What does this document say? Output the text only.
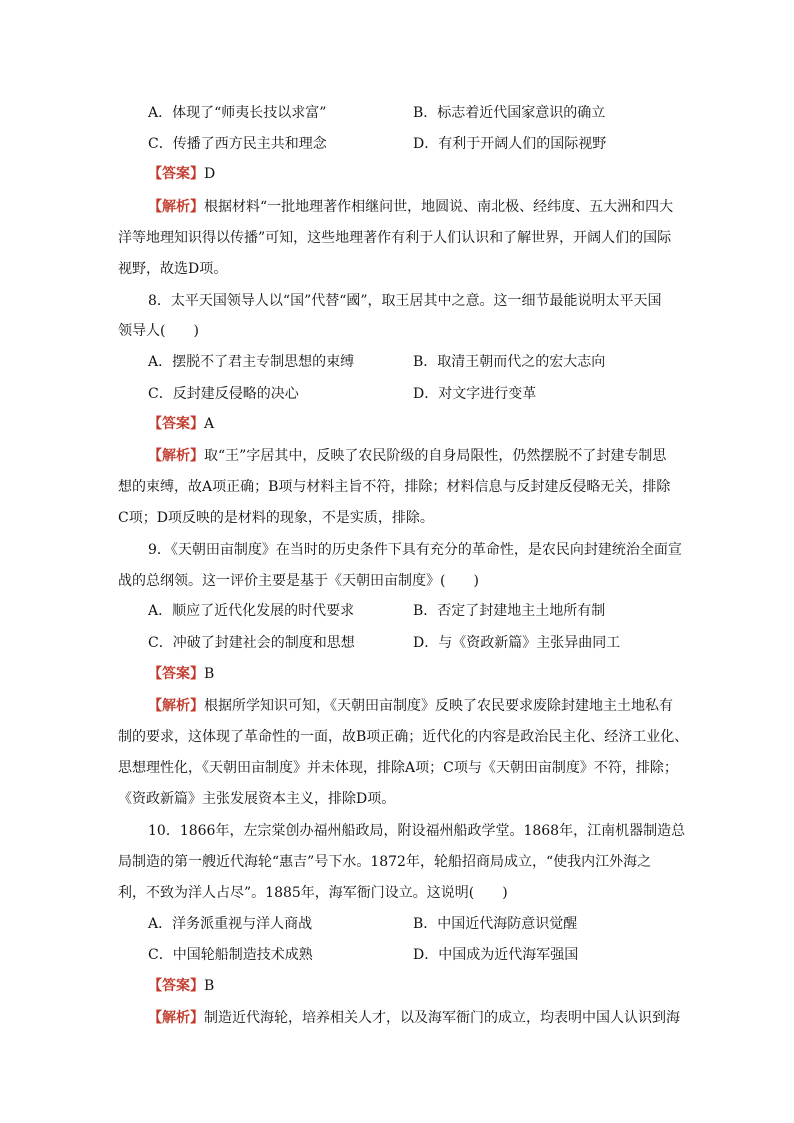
A．体现了“师夷长技以求富”	B．标志着近代国家意识的确立
C．传播了西方民主共和理念	D．有利于开阔人们的国际视野
【答案】D
【解析】根据材料“一批地理著作相继问世，地圆说、南北极、经纬度、五大洲和四大
洋等地理知识得以传播”可知，这些地理著作有利于人们认识和了解世界，开阔人们的国际
视野，故选D项。
8．太平天国领导人以“国”代替“國”，取王居其中之意。这一细节最能说明太平天国
领导人(　　)
A．摆脱不了君主专制思想的束缚	B．取清王朝而代之的宏大志向
C．反封建反侵略的决心	D．对文字进行变革
【答案】A
【解析】取“王”字居其中，反映了农民阶级的自身局限性，仍然摆脱不了封建专制思
想的束缚，故A项正确；B项与材料主旨不符，排除；材料信息与反封建反侵略无关，排除
C项；D项反映的是材料的现象，不是实质，排除。
9．《天朝田亩制度》在当时的历史条件下具有充分的革命性，是农民向封建统治全面宣
战的总纲领。这一评价主要是基于《天朝田亩制度》(　　)
A．顺应了近代化发展的时代要求	B．否定了封建地主土地所有制
C．冲破了封建社会的制度和思想	D．与《资政新篇》主张异曲同工
【答案】B
【解析】根据所学知识可知，《天朝田亩制度》反映了农民要求废除封建地主土地私有
制的要求，这体现了革命性的一面，故B项正确；近代化的内容是政治民主化、经济工业化、
思想理性化，《天朝田亩制度》并未体现，排除A项；C项与《天朝田亩制度》不符，排除；
《资政新篇》主张发展资本主义，排除D项。
10．1866年，左宗棠创办福州船政局，附设福州船政学堂。1868年，江南机器制造总
局制造的第一艘近代海轮“惠吉”号下水。1872年，轮船招商局成立，“使我内江外海之
利，不致为洋人占尽”。1885年，海军衙门设立。这说明(　　)
A．洋务派重视与洋人商战	B．中国近代海防意识觉醒
C．中国轮船制造技术成熟	D．中国成为近代海军强国
【答案】B
【解析】制造近代海轮，培养相关人才，以及海军衙门的成立，均表明中国人认识到海
